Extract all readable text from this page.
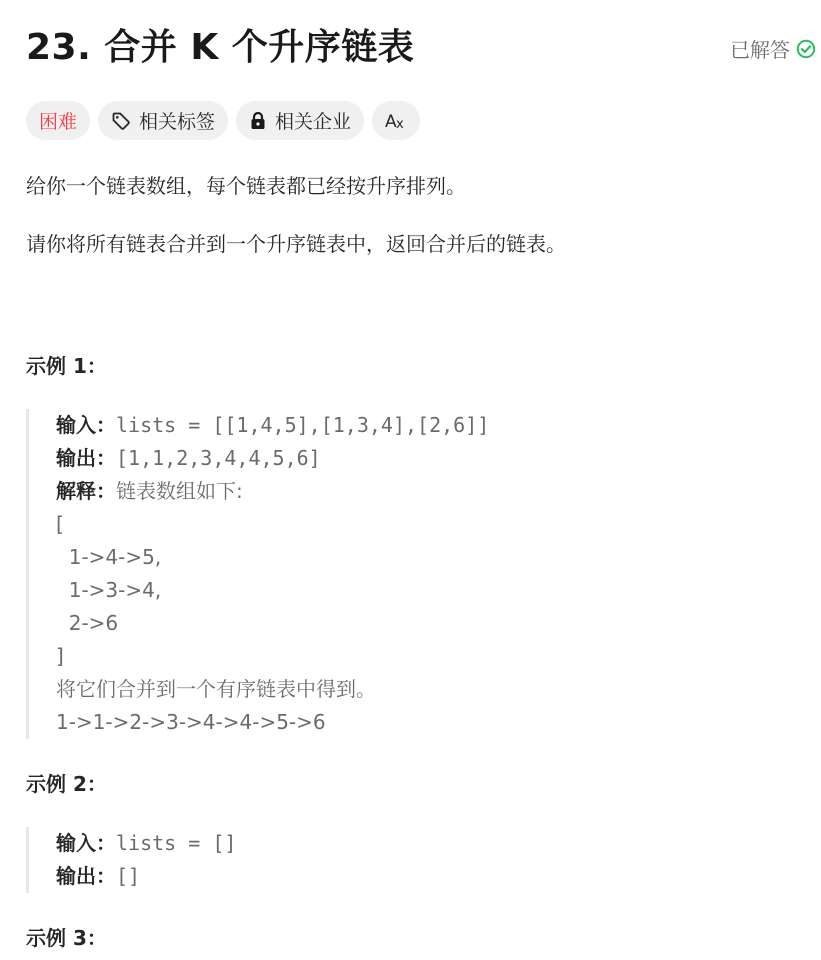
23. 合并 K 个升序链表	已解答
困难	相关标签	相关企业 A x

给你一个链表数组，每个链表都已经按升序排列。

请你将所有链表合并到一个升序链表中，返回合并后的链表。

示例 1：
输入： lists = [[1,4,5],[1,3,4],[2,6]]
输出： [1,1,2,3,4,4,5,6]
解释： 链表数组如下:
[
1->4->5,
1->3->4,
2->6
]
将它们合并到一个有序链表中得到。
1->1->2->3->4->4->5->6
示例 2：
输入： lists = []
输出： []
示例 3：
